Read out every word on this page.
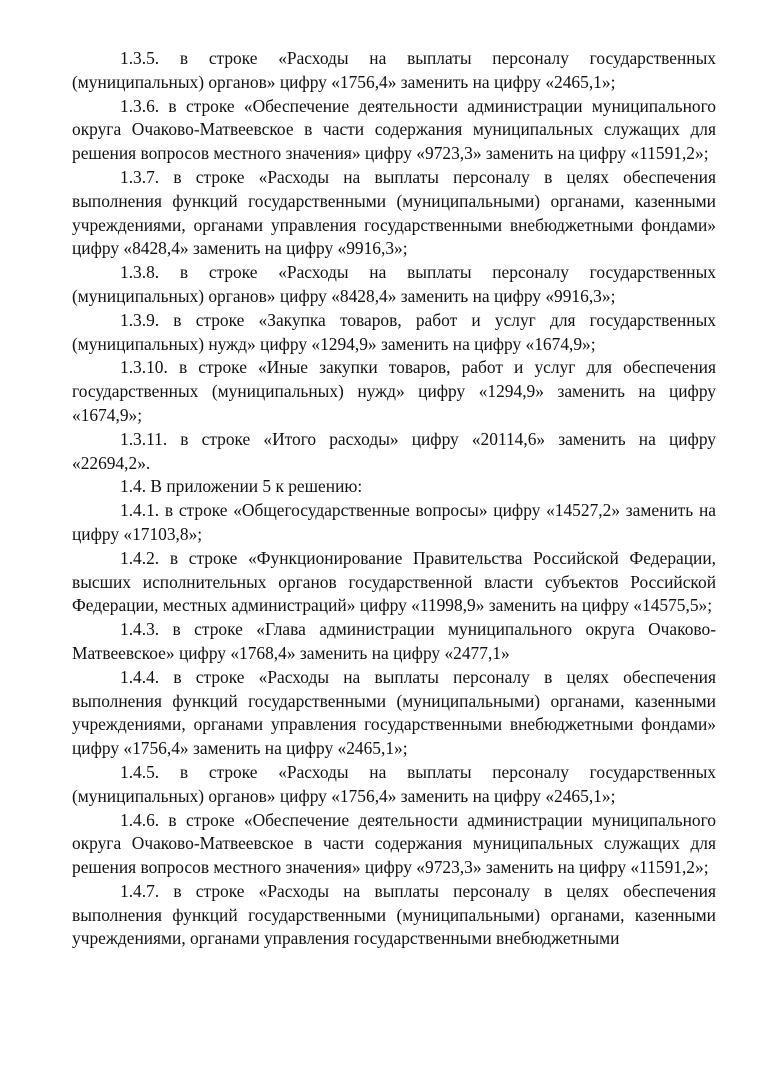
1.3.5. в строке «Расходы на выплаты персоналу государственных (муниципальных) органов» цифру «1756,4» заменить на цифру «2465,1»;

1.3.6. в строке «Обеспечение деятельности администрации муниципального округа Очаково-Матвеевское в части содержания муниципальных служащих для решения вопросов местного значения» цифру «9723,3» заменить на цифру «11591,2»;

1.3.7. в строке «Расходы на выплаты персоналу в целях обеспечения выполнения функций государственными (муниципальными) органами, казенными учреждениями, органами управления государственными внебюджетными фондами» цифру «8428,4» заменить на цифру «9916,3»;

1.3.8. в строке «Расходы на выплаты персоналу государственных (муниципальных) органов» цифру «8428,4» заменить на цифру «9916,3»;

1.3.9. в строке «Закупка товаров, работ и услуг для государственных (муниципальных) нужд» цифру «1294,9» заменить на цифру «1674,9»;

1.3.10. в строке «Иные закупки товаров, работ и услуг для обеспечения государственных (муниципальных) нужд» цифру «1294,9» заменить на цифру «1674,9»;

1.3.11. в строке «Итого расходы» цифру «20114,6» заменить на цифру «22694,2».

1.4. В приложении 5 к решению:

1.4.1. в строке «Общегосударственные вопросы» цифру «14527,2» заменить на цифру «17103,8»;

1.4.2. в строке «Функционирование Правительства Российской Федерации, высших исполнительных органов государственной власти субъектов Российской Федерации, местных администраций» цифру «11998,9» заменить на цифру «14575,5»;

1.4.3. в строке «Глава администрации муниципального округа Очаково-Матвеевское» цифру «1768,4» заменить на цифру «2477,1»

1.4.4. в строке «Расходы на выплаты персоналу в целях обеспечения выполнения функций государственными (муниципальными) органами, казенными учреждениями, органами управления государственными внебюджетными фондами» цифру «1756,4» заменить на цифру «2465,1»;

1.4.5. в строке «Расходы на выплаты персоналу государственных (муниципальных) органов» цифру «1756,4» заменить на цифру «2465,1»;

1.4.6. в строке «Обеспечение деятельности администрации муниципального округа Очаково-Матвеевское в части содержания муниципальных служащих для решения вопросов местного значения» цифру «9723,3» заменить на цифру «11591,2»;

1.4.7. в строке «Расходы на выплаты персоналу в целях обеспечения выполнения функций государственными (муниципальными) органами, казенными учреждениями, органами управления государственными внебюджетными
